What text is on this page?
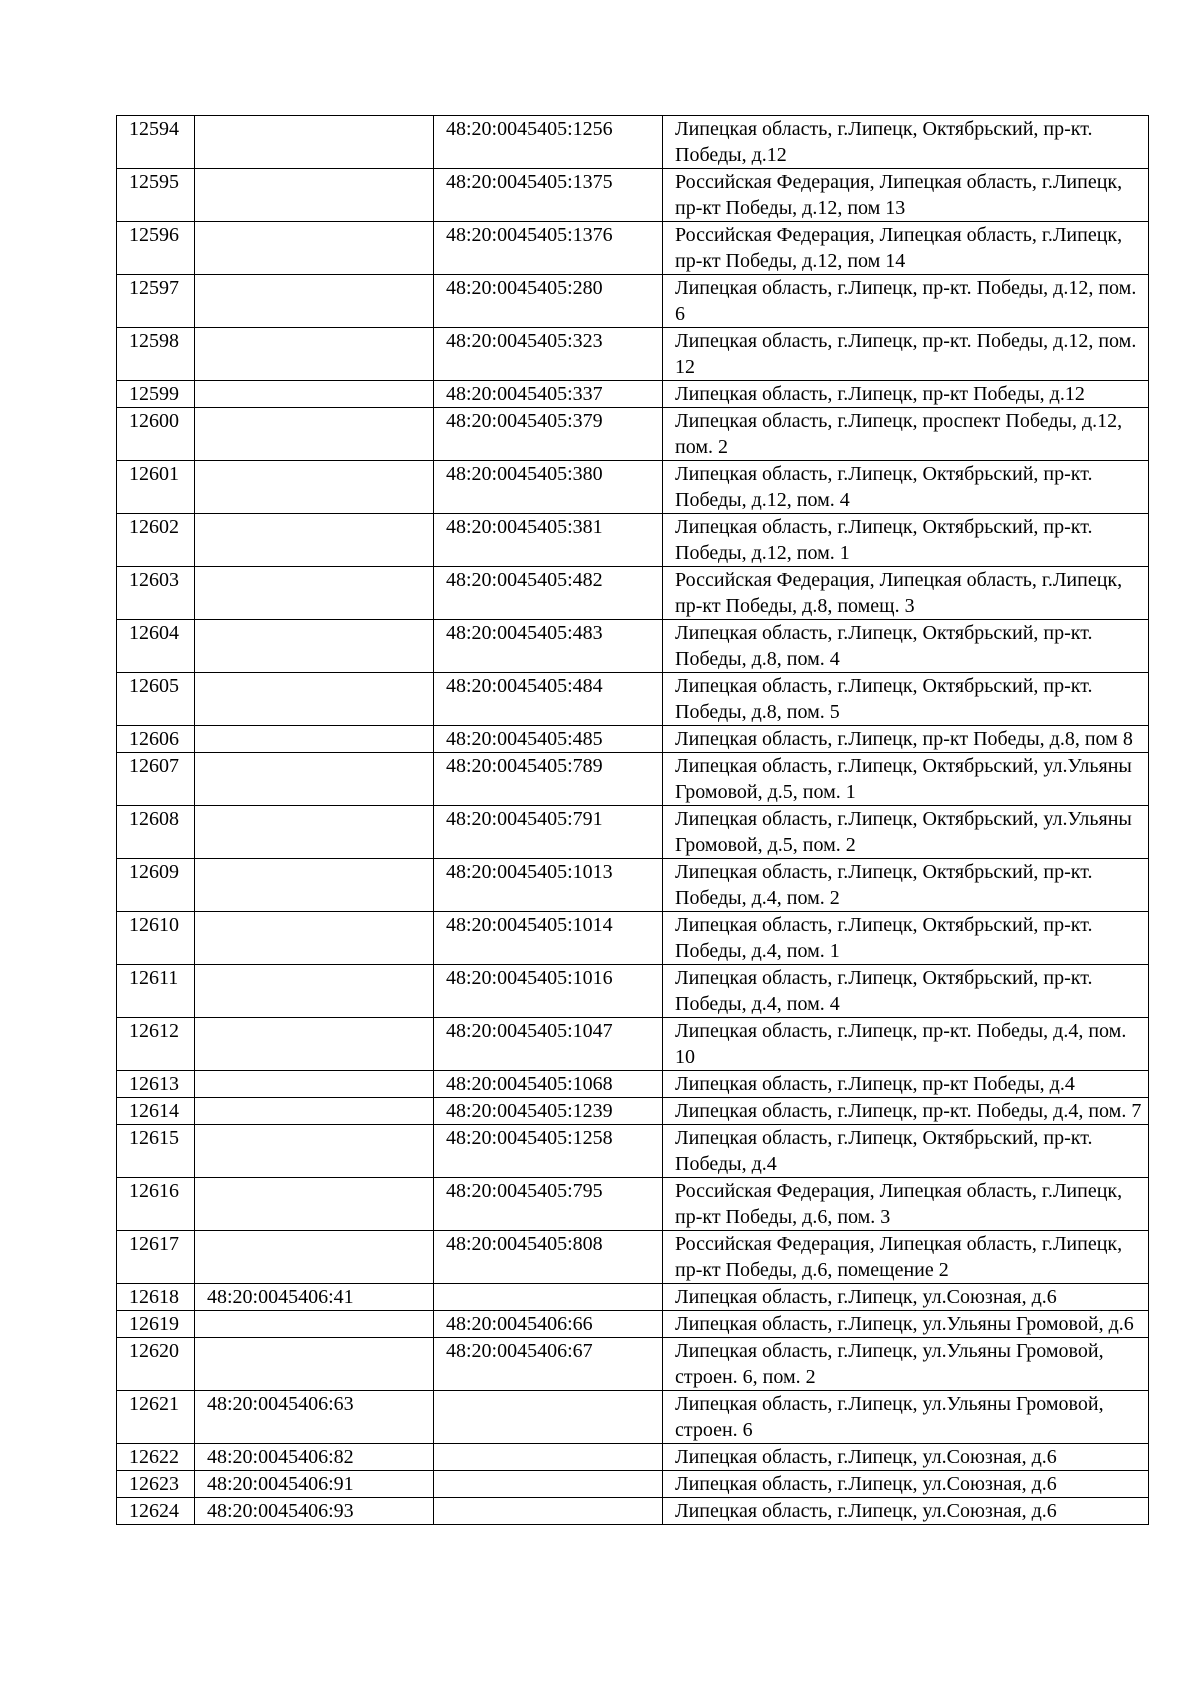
12594		48:20:0045405:1256	Липецкая область, г.Липецк, Октябрьский, пр-кт. Победы, д.12
12595		48:20:0045405:1375	Российская Федерация, Липецкая область, г.Липецк, пр-кт Победы, д.12, пом 13
12596		48:20:0045405:1376	Российская Федерация, Липецкая область, г.Липецк, пр-кт Победы, д.12, пом 14
12597		48:20:0045405:280	Липецкая область, г.Липецк, пр-кт. Победы, д.12, пом. 6
12598		48:20:0045405:323	Липецкая область, г.Липецк, пр-кт. Победы, д.12, пом. 12
12599		48:20:0045405:337	Липецкая область, г.Липецк, пр-кт Победы, д.12
12600		48:20:0045405:379	Липецкая область, г.Липецк, проспект Победы, д.12, пом. 2
12601		48:20:0045405:380	Липецкая область, г.Липецк, Октябрьский, пр-кт. Победы, д.12, пом. 4
12602		48:20:0045405:381	Липецкая область, г.Липецк, Октябрьский, пр-кт. Победы, д.12, пом. 1
12603		48:20:0045405:482	Российская Федерация, Липецкая область, г.Липецк, пр-кт Победы, д.8, помещ. 3
12604		48:20:0045405:483	Липецкая область, г.Липецк, Октябрьский, пр-кт. Победы, д.8, пом. 4
12605		48:20:0045405:484	Липецкая область, г.Липецк, Октябрьский, пр-кт. Победы, д.8, пом. 5
12606		48:20:0045405:485	Липецкая область, г.Липецк, пр-кт Победы, д.8, пом 8
12607		48:20:0045405:789	Липецкая область, г.Липецк, Октябрьский, ул.Ульяны Громовой, д.5, пом. 1
12608		48:20:0045405:791	Липецкая область, г.Липецк, Октябрьский, ул.Ульяны Громовой, д.5, пом. 2
12609		48:20:0045405:1013	Липецкая область, г.Липецк, Октябрьский, пр-кт. Победы, д.4, пом. 2
12610		48:20:0045405:1014	Липецкая область, г.Липецк, Октябрьский, пр-кт. Победы, д.4, пом. 1
12611		48:20:0045405:1016	Липецкая область, г.Липецк, Октябрьский, пр-кт. Победы, д.4, пом. 4
12612		48:20:0045405:1047	Липецкая область, г.Липецк, пр-кт. Победы, д.4, пом. 10
12613		48:20:0045405:1068	Липецкая область, г.Липецк, пр-кт Победы, д.4
12614		48:20:0045405:1239	Липецкая область, г.Липецк, пр-кт. Победы, д.4, пом. 7
12615		48:20:0045405:1258	Липецкая область, г.Липецк, Октябрьский, пр-кт. Победы, д.4
12616		48:20:0045405:795	Российская Федерация, Липецкая область, г.Липецк, пр-кт Победы, д.6, пом. 3
12617		48:20:0045405:808	Российская Федерация, Липецкая область, г.Липецк, пр-кт Победы, д.6, помещение 2
12618	48:20:0045406:41		Липецкая область, г.Липецк, ул.Союзная, д.6
12619		48:20:0045406:66	Липецкая область, г.Липецк, ул.Ульяны Громовой, д.6
12620		48:20:0045406:67	Липецкая область, г.Липецк, ул.Ульяны Громовой, строен. 6, пом. 2
12621	48:20:0045406:63		Липецкая область, г.Липецк, ул.Ульяны Громовой, строен. 6
12622	48:20:0045406:82		Липецкая область, г.Липецк, ул.Союзная, д.6
12623	48:20:0045406:91		Липецкая область, г.Липецк, ул.Союзная, д.6
12624	48:20:0045406:93		Липецкая область, г.Липецк, ул.Союзная, д.6
